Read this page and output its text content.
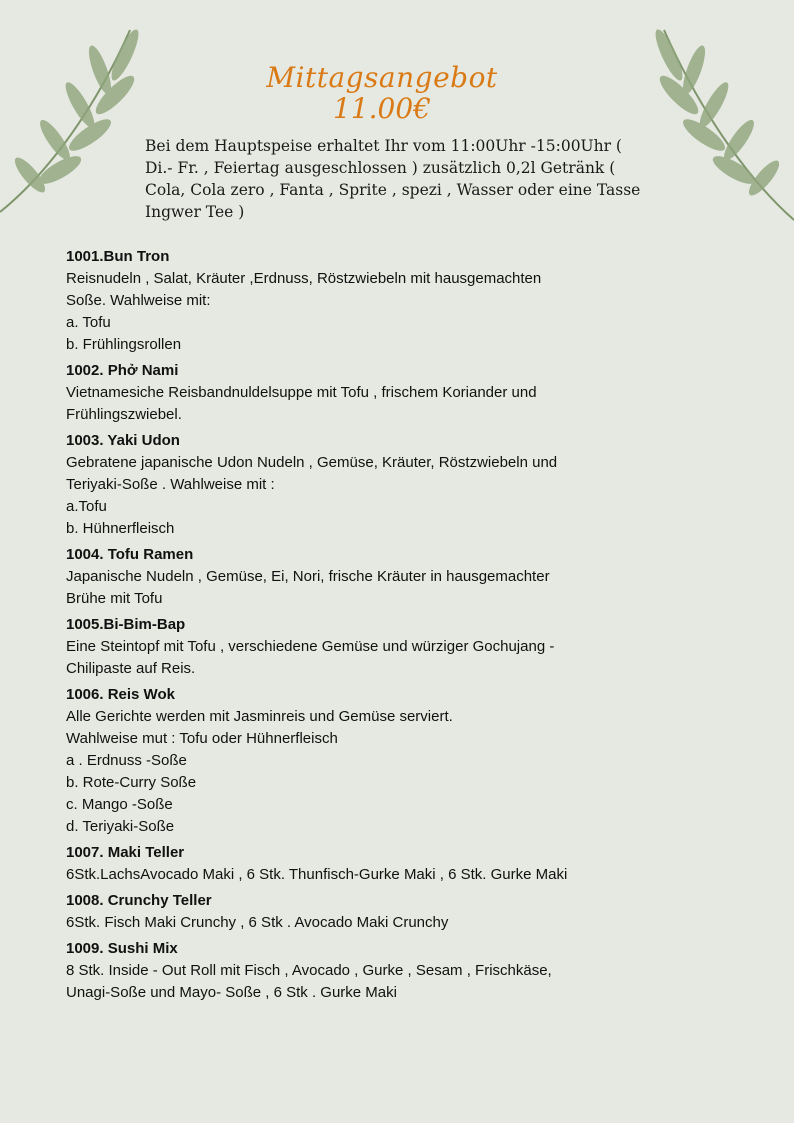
Mittagsangebot
11.00€
Bei dem Hauptspeise erhaltet Ihr vom 11:00Uhr -15:00Uhr ( Di.- Fr. , Feiertag ausgeschlossen ) zusätzlich 0,2l Getränk ( Cola, Cola zero , Fanta , Sprite , spezi , Wasser oder eine Tasse Ingwer Tee )
1001.Bun Tron
Reisnudeln , Salat, Kräuter ,Erdnuss, Röstzwiebeln mit hausgemachten
Soße. Wahlweise mit:
a. Tofu
b. Frühlingsrollen
1002. Phở Nami
Vietnamesiche Reisbandnuldelsuppe mit Tofu , frischem Koriander und
Frühlingszwiebel.
1003. Yaki Udon
Gebratene japanische Udon Nudeln , Gemüse, Kräuter, Röstzwiebeln und
Teriyaki-Soße . Wahlweise mit :
a.Tofu
b. Hühnerfleisch
1004. Tofu Ramen
Japanische Nudeln , Gemüse, Ei, Nori, frische Kräuter in hausgemachter
Brühe mit Tofu
1005.Bi-Bim-Bap
Eine Steintopf mit Tofu , verschiedene Gemüse und würziger Gochujang -
Chilipaste auf Reis.
1006. Reis Wok
Alle Gerichte werden mit Jasminreis und Gemüse serviert.
Wahlweise mut : Tofu oder Hühnerfleisch
a . Erdnuss -Soße
b. Rote-Curry Soße
c. Mango -Soße
d. Teriyaki-Soße
1007. Maki Teller
6Stk.LachsAvocado Maki , 6 Stk. Thunfisch-Gurke Maki , 6 Stk. Gurke Maki
1008. Crunchy Teller
6Stk. Fisch Maki Crunchy , 6 Stk . Avocado Maki Crunchy
1009. Sushi Mix
8 Stk. Inside - Out Roll mit Fisch , Avocado , Gurke , Sesam , Frischkäse,
Unagi-Soße und Mayo- Soße , 6 Stk . Gurke Maki
